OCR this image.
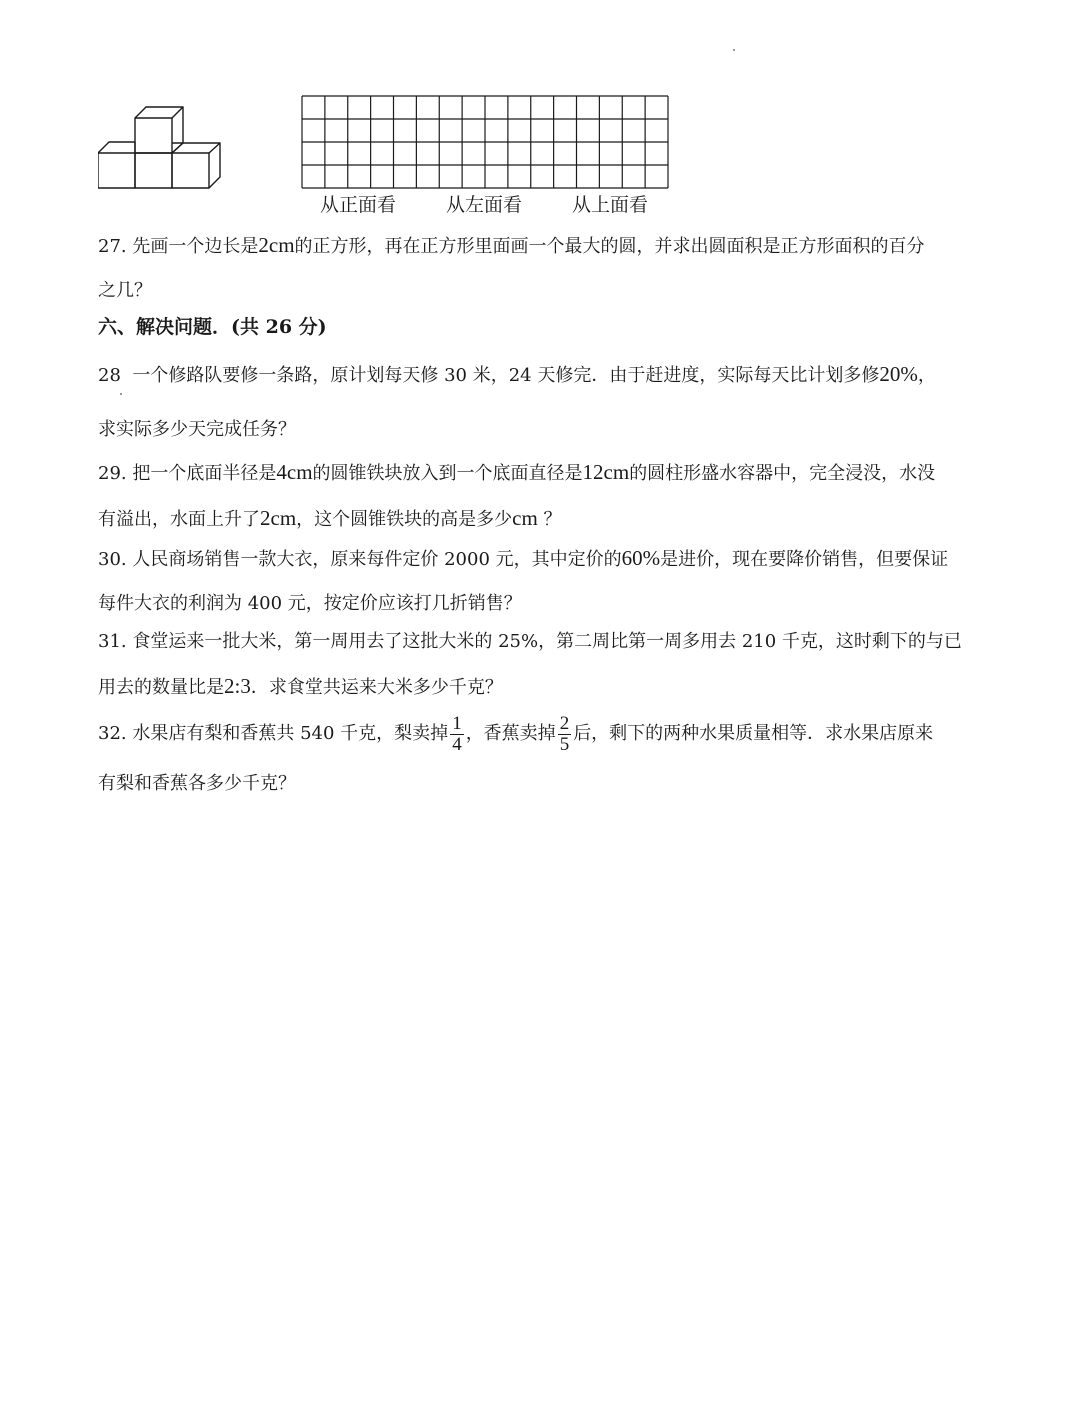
从正面看	从左面看	从上面看
27. 先画一个边长是2cm的正方形，再在正方形里面画一个最大的圆，并求出圆面积是正方形面积的百分
之几？
六、解决问题．(共 26 分)
28 一个修路队要修一条路，原计划每天修 30 米，24 天修完．由于赶进度，实际每天比计划多修20%，
求实际多少天完成任务？
29. 把一个底面半径是4cm的圆锥铁块放入到一个底面直径是12cm的圆柱形盛水容器中，完全浸没，水没
有溢出，水面上升了2cm，这个圆锥铁块的高是多少cm ？
30. 人民商场销售一款大衣，原来每件定价 2000 元，其中定价的60%是进价，现在要降价销售，但要保证
每件大衣的利润为 400 元，按定价应该打几折销售？
31. 食堂运来一批大米，第一周用去了这批大米的 25%，第二周比第一周多用去 210 千克，这时剩下的与已
用去的数量比是2:3．求食堂共运来大米多少千克？
32. 水果店有梨和香蕉共 540 千克，梨卖掉 $\frac{1}{4}$ ，香蕉卖掉 $\frac{2}{5}$ 后，剩下的两种水果质量相等．求水果店原来
有梨和香蕉各多少千克？
